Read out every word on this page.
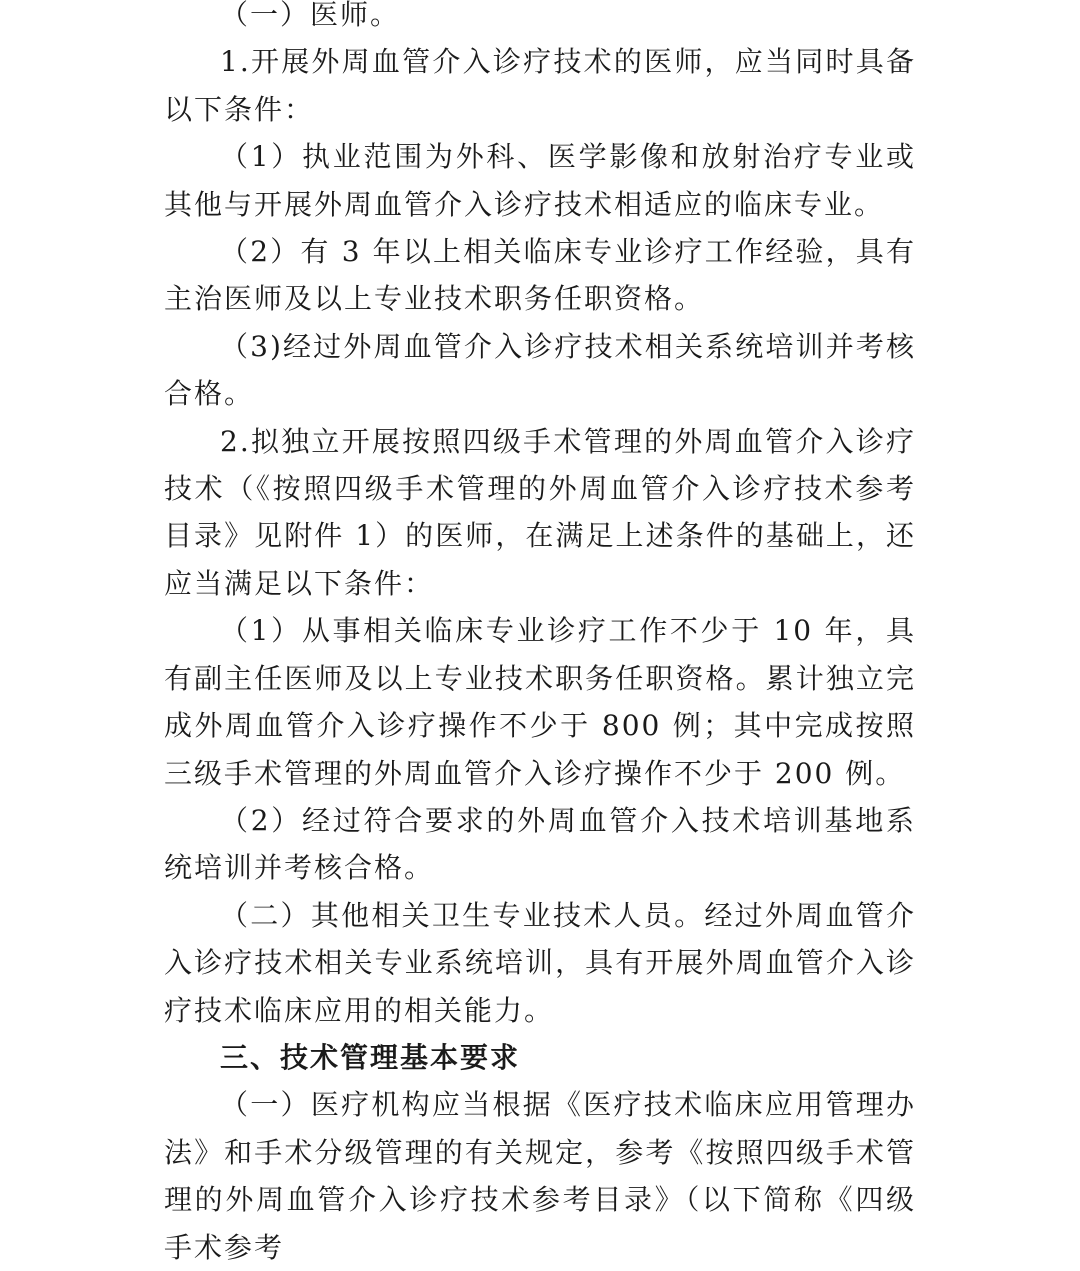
（一）医师。

1.开展外周血管介入诊疗技术的医师，应当同时具备以下条件：

（1）执业范围为外科、医学影像和放射治疗专业或其他与开展外周血管介入诊疗技术相适应的临床专业。

（2）有 3 年以上相关临床专业诊疗工作经验，具有主治医师及以上专业技术职务任职资格。

（3)经过外周血管介入诊疗技术相关系统培训并考核合格。

2.拟独立开展按照四级手术管理的外周血管介入诊疗技术（《按照四级手术管理的外周血管介入诊疗技术参考目录》见附件 1）的医师，在满足上述条件的基础上，还应当满足以下条件：

（1）从事相关临床专业诊疗工作不少于 10 年，具有副主任医师及以上专业技术职务任职资格。累计独立完成外周血管介入诊疗操作不少于 800 例；其中完成按照三级手术管理的外周血管介入诊疗操作不少于 200 例。

（2）经过符合要求的外周血管介入技术培训基地系统培训并考核合格。

（二）其他相关卫生专业技术人员。经过外周血管介入诊疗技术相关专业系统培训，具有开展外周血管介入诊疗技术临床应用的相关能力。

三、技术管理基本要求

（一）医疗机构应当根据《医疗技术临床应用管理办法》和手术分级管理的有关规定，参考《按照四级手术管理的外周血管介入诊疗技术参考目录》（以下简称《四级手术参考
